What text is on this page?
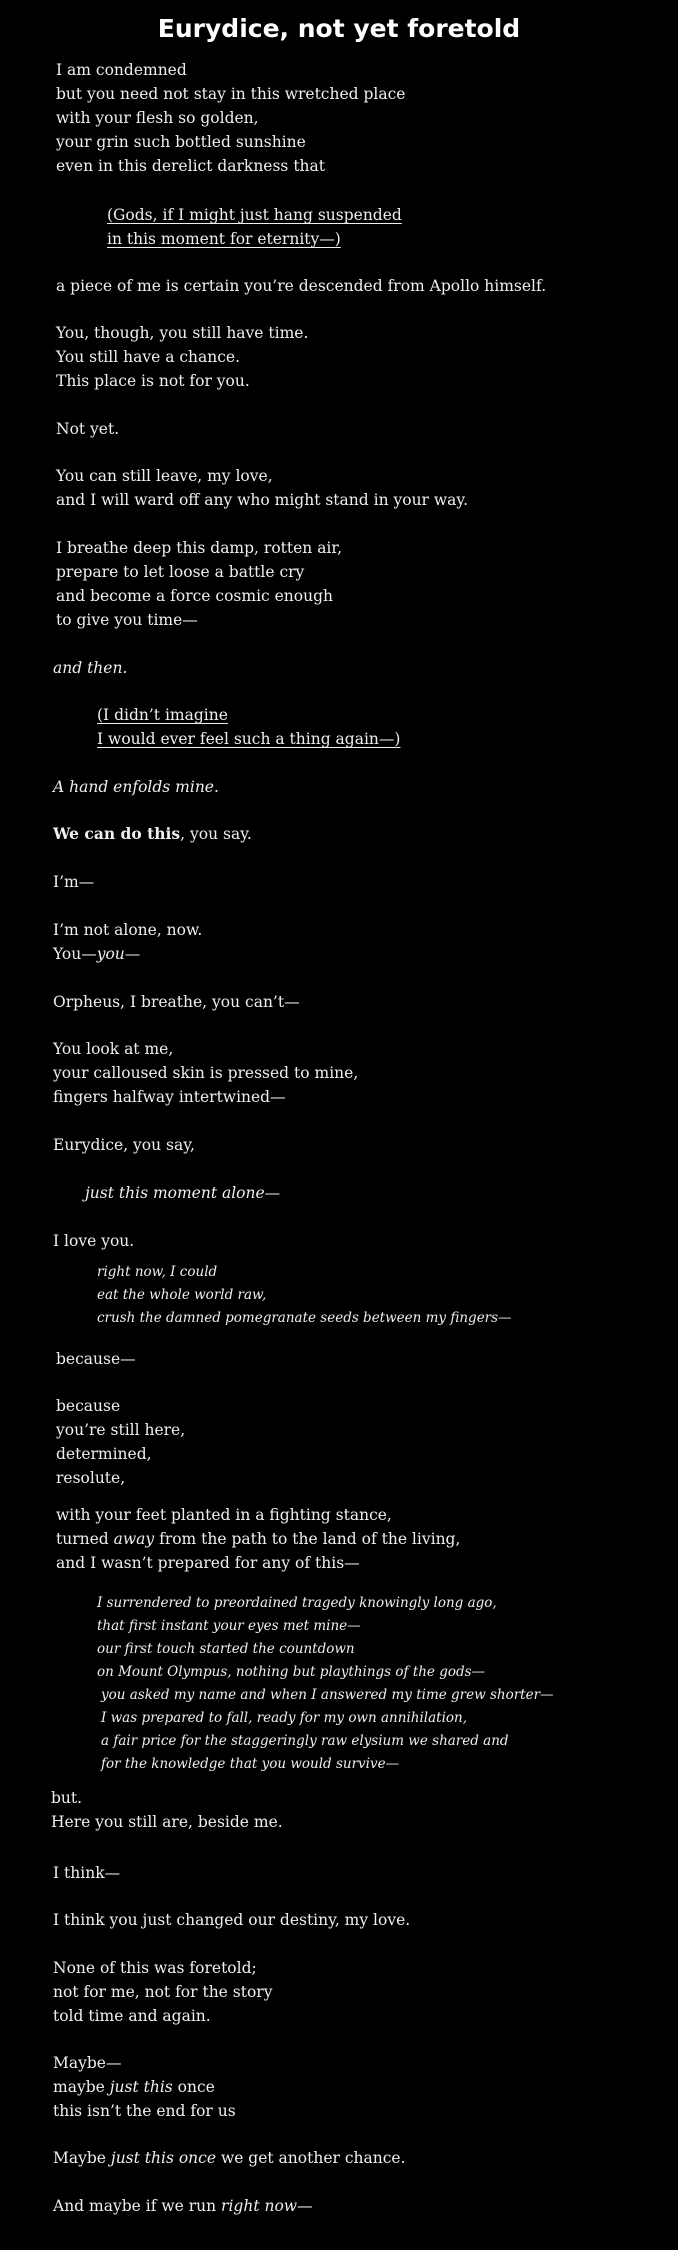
Eurydice, not yet foretold
I am condemned
but you need not stay in this wretched place
with your flesh so golden,
your grin such bottled sunshine
even in this derelict darkness that
(Gods, if I might just hang suspended
in this moment for eternity—)
a piece of me is certain you’re descended from Apollo himself.
You, though, you still have time.
You still have a chance.
This place is not for you.
Not yet.
You can still leave, my love,
and I will ward off any who might stand in your way.
I breathe deep this damp, rotten air,
prepare to let loose a battle cry
and become a force cosmic enough
to give you time—
and then.
(I didn’t imagine
I would ever feel such a thing again—)
A hand enfolds mine.
We can do this, you say.
I’m—
I’m not alone, now.
You—you—
Orpheus, I breathe, you can’t—
You look at me,
your calloused skin is pressed to mine,
fingers halfway intertwined—
Eurydice, you say,
just this moment alone—
I love you.
right now, I could
eat the whole world raw,
crush the damned pomegranate seeds between my fingers—
because—
because
you’re still here,
determined,
resolute,
with your feet planted in a fighting stance,
turned away from the path to the land of the living,
and I wasn’t prepared for any of this—
I surrendered to preordained tragedy knowingly long ago,
that first instant your eyes met mine—
our first touch started the countdown
on Mount Olympus, nothing but playthings of the gods—
you asked my name and when I answered my time grew shorter—
I was prepared to fall, ready for my own annihilation,
a fair price for the staggeringly raw elysium we shared and
for the knowledge that you would survive—
but.
Here you still are, beside me.
I think—
I think you just changed our destiny, my love.
None of this was foretold;
not for me, not for the story
told time and again.
Maybe—
maybe just this once
this isn’t the end for us
Maybe just this once we get another chance.
And maybe if we run right now—
